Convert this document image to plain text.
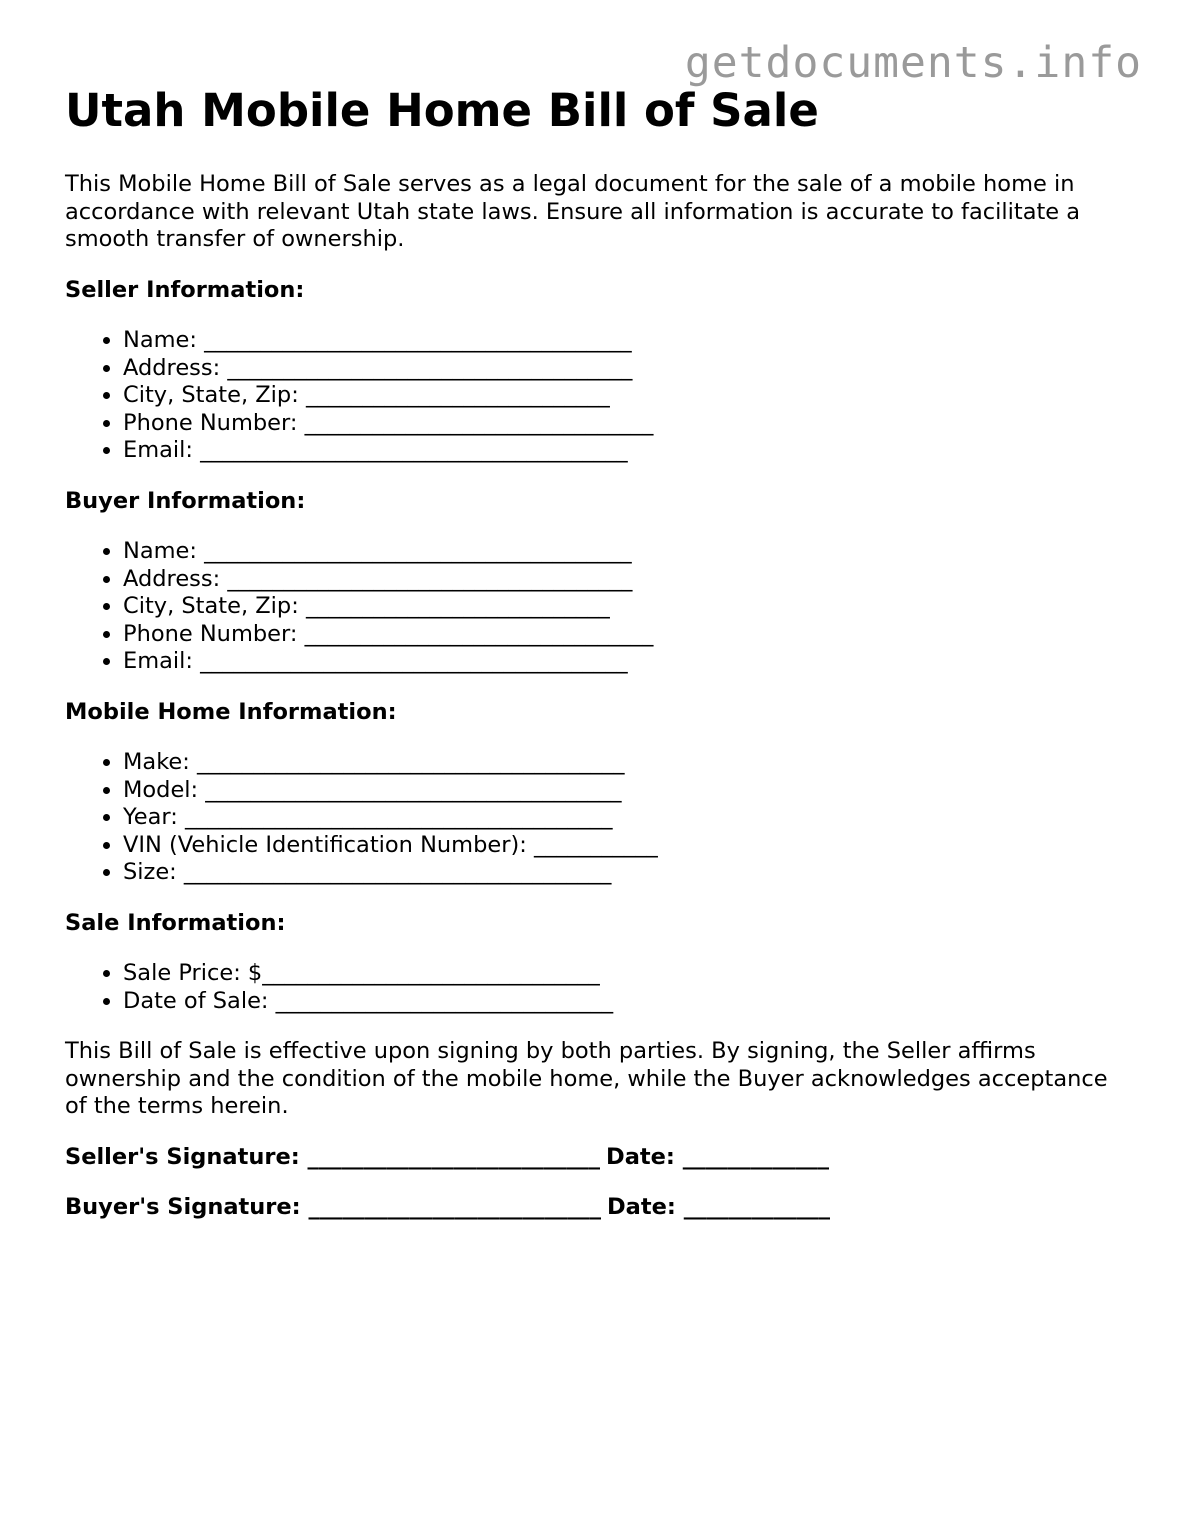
getdocuments.info
Utah Mobile Home Bill of Sale

This Mobile Home Bill of Sale serves as a legal document for the sale of a mobile home in accordance with relevant Utah state laws. Ensure all information is accurate to facilitate a smooth transfer of ownership.

Seller Information:
• Name: ______________________________________
• Address: ____________________________________
• City, State, Zip: ___________________________
• Phone Number: _______________________________
• Email: ______________________________________
Buyer Information:
• Name: ______________________________________
• Address: ____________________________________
• City, State, Zip: ___________________________
• Phone Number: _______________________________
• Email: ______________________________________
Mobile Home Information:
• Make: ______________________________________
• Model: _____________________________________
• Year: ______________________________________
• VIN (Vehicle Identification Number): ___________
• Size: ______________________________________
Sale Information:
• Sale Price: $______________________________
• Date of Sale: ______________________________

This Bill of Sale is effective upon signing by both parties. By signing, the Seller affirms ownership and the condition of the mobile home, while the Buyer acknowledges acceptance of the terms herein.

Seller's Signature: __________________________ Date: _____________
Buyer's Signature: __________________________ Date: _____________
